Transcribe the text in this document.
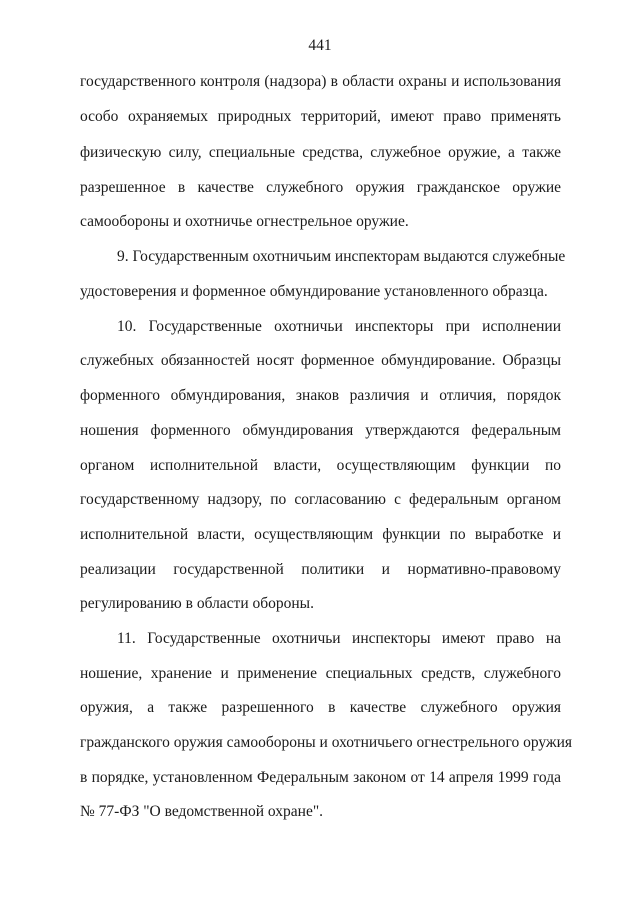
441
государственного контроля (надзора) в области охраны и использования
особо охраняемых природных территорий, имеют право применять
физическую силу, специальные средства, служебное оружие, а также
разрешенное в качестве служебного оружия гражданское оружие
самообороны и охотничье огнестрельное оружие.
9. Государственным охотничьим инспекторам выдаются служебные
удостоверения и форменное обмундирование установленного образца.
10. Государственные охотничьи инспекторы при исполнении
служебных обязанностей носят форменное обмундирование. Образцы
форменного обмундирования, знаков различия и отличия, порядок
ношения форменного обмундирования утверждаются федеральным
органом исполнительной власти, осуществляющим функции по
государственному надзору, по согласованию с федеральным органом
исполнительной власти, осуществляющим функции по выработке и
реализации государственной политики и нормативно-правовому
регулированию в области обороны.
11. Государственные охотничьи инспекторы имеют право на
ношение, хранение и применение специальных средств, служебного
оружия, а также разрешенного в качестве служебного оружия
гражданского оружия самообороны и охотничьего огнестрельного оружия
в порядке, установленном Федеральным законом от 14 апреля 1999 года
№ 77-ФЗ "О ведомственной охране".
